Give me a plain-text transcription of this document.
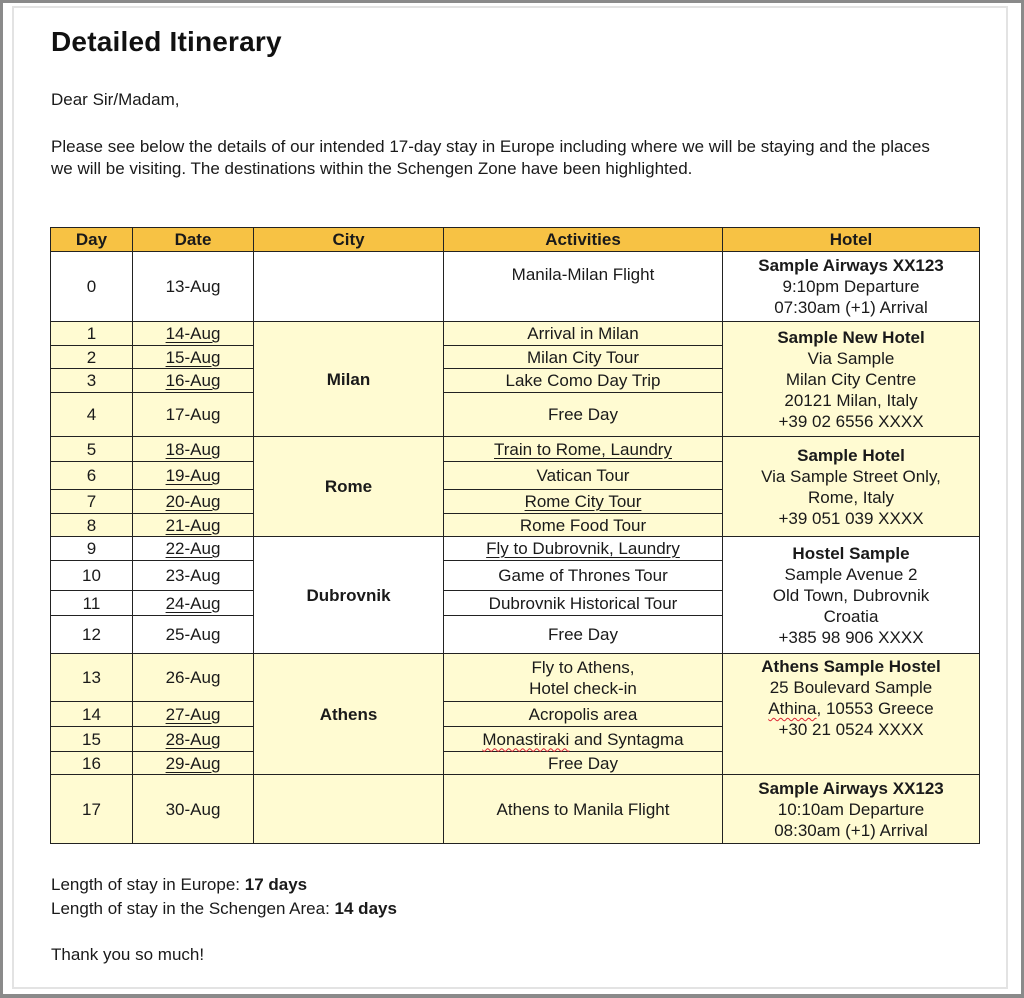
Detailed Itinerary

Dear Sir/Madam,

Please see below the details of our intended 17-day stay in Europe including where we will be staying and the places we will be visiting. The destinations within the Schengen Zone have been highlighted.

Day	Date	City	Activities	Hotel
0	13-Aug		Manila-Milan Flight	Sample Airways XX123
9:10pm Departure
07:30am (+1) Arrival

1	14-Aug	Milan	Arrival in Milan	Sample New Hotel
Via Sample
Milan City Centre
20121 Milan, Italy
+39 02 6556 XXXX

2	15-Aug		Milan City Tour	
3	16-Aug		Lake Como Day Trip	
4	17-Aug		Free Day	
5	18-Aug	Rome	Train to Rome, Laundry	Sample Hotel
Via Sample Street Only,
Rome, Italy
+39 051 039 XXXX

6	19-Aug		Vatican Tour	
7	20-Aug		Rome City Tour	
8	21-Aug		Rome Food Tour	
9	22-Aug	Dubrovnik	Fly to Dubrovnik, Laundry	Hostel Sample
Sample Avenue 2
Old Town, Dubrovnik
Croatia
+385 98 906 XXXX

10	23-Aug		Game of Thrones Tour	
11	24-Aug		Dubrovnik Historical Tour	
12	25-Aug		Free Day	
13	26-Aug	Athens	Fly to Athens,
Hotel check-in	Athens Sample Hostel
25 Boulevard Sample
Athina, 10553 Greece
+30 21 0524 XXXX

14	27-Aug		Acropolis area	
15	28-Aug		Monastiraki and Syntagma	
16	29-Aug		Free Day	
17	30-Aug		Athens to Manila Flight	Sample Airways XX123
10:10am Departure
08:30am (+1) Arrival

Length of stay in Europe: 17 days

Length of stay in the Schengen Area: 14 days

Thank you so much!
